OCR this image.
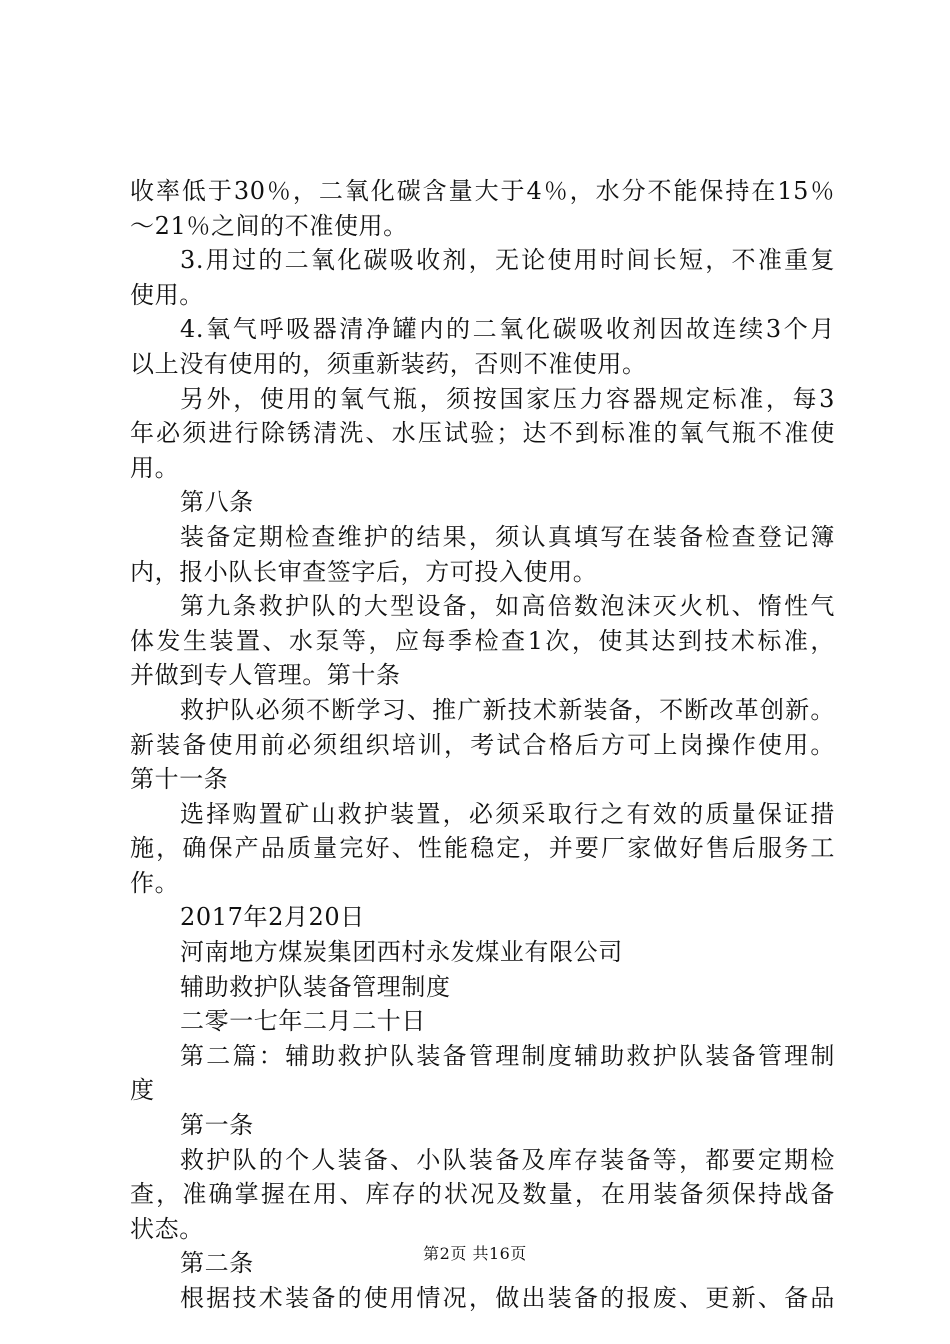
收率低于30％，二氧化碳含量大于4％，水分不能保持在15％
～21％之间的不准使用。
3.用过的二氧化碳吸收剂，无论使用时间长短，不准重复
使用。
4.氧气呼吸器清净罐内的二氧化碳吸收剂因故连续3个月
以上没有使用的，须重新装药，否则不准使用。
另外，使用的氧气瓶，须按国家压力容器规定标准，每3
年必须进行除锈清洗、水压试验；达不到标准的氧气瓶不准使
用。
第八条
装备定期检查维护的结果，须认真填写在装备检查登记簿
内，报小队长审查签字后，方可投入使用。
第九条救护队的大型设备，如高倍数泡沫灭火机、惰性气
体发生装置、水泵等，应每季检查1次，使其达到技术标准，
并做到专人管理。第十条
救护队必须不断学习、推广新技术新装备，不断改革创新。
新装备使用前必须组织培训，考试合格后方可上岗操作使用。
第十一条
选择购置矿山救护装置，必须采取行之有效的质量保证措
施，确保产品质量完好、性能稳定，并要厂家做好售后服务工
作。
2017年2月20日
河南地方煤炭集团西村永发煤业有限公司
辅助救护队装备管理制度
二零一七年二月二十日
第二篇：辅助救护队装备管理制度辅助救护队装备管理制
度
第一条
救护队的个人装备、小队装备及库存装备等，都要定期检
查，准确掌握在用、库存的状况及数量，在用装备须保持战备
状态。
第二条
根据技术装备的使用情况，做出装备的报废、更新、备品
第2页 共16页
